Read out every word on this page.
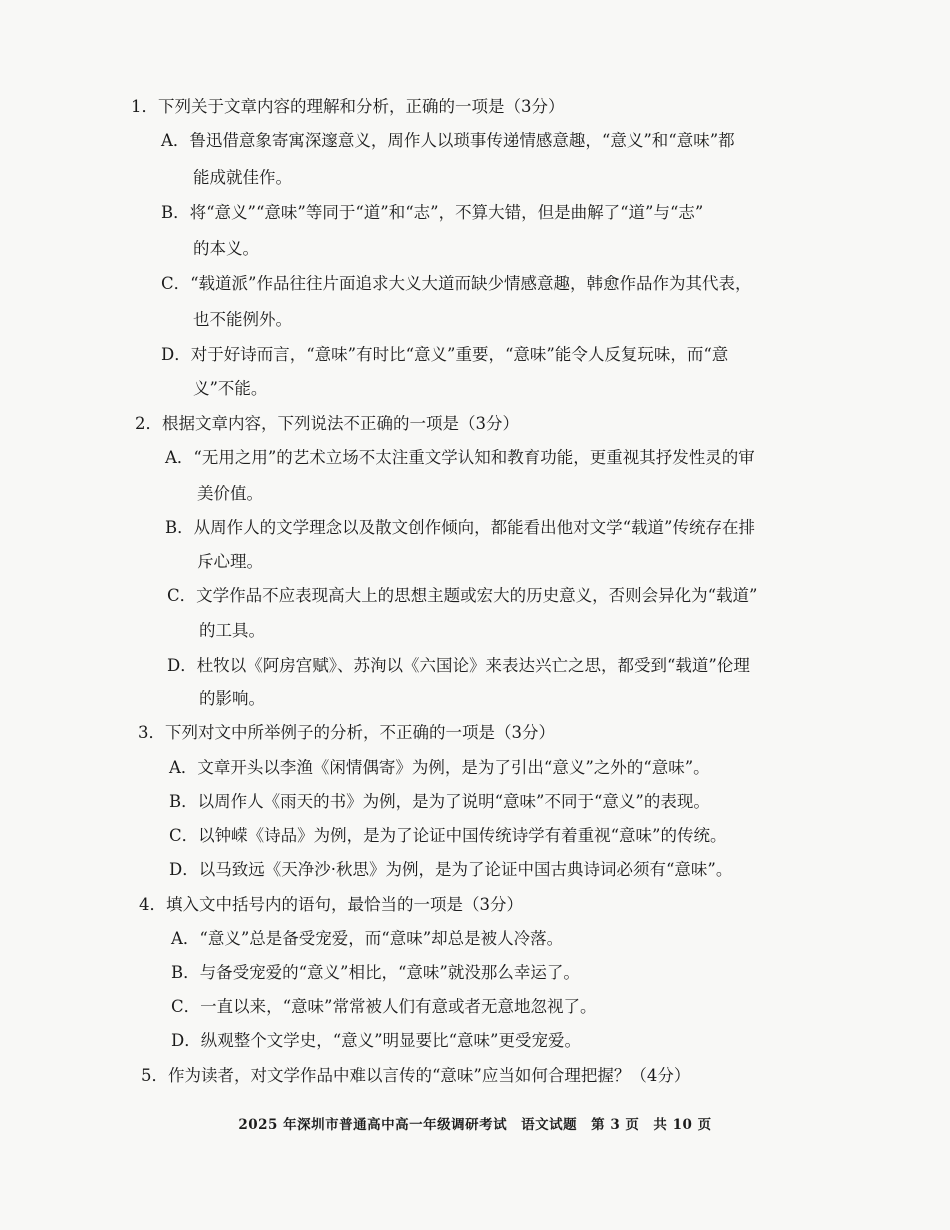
1．下列关于文章内容的理解和分析，正确的一项是（3分）
A．鲁迅借意象寄寓深邃意义，周作人以琐事传递情感意趣，“意义”和“意味”都
能成就佳作。
B．将“意义”“意味”等同于“道”和“志”，不算大错，但是曲解了“道”与“志”
的本义。
C．“载道派”作品往往片面追求大义大道而缺少情感意趣，韩愈作品作为其代表，
也不能例外。
D．对于好诗而言，“意味”有时比“意义”重要，“意味”能令人反复玩味，而“意
义”不能。
2．根据文章内容，下列说法不正确的一项是（3分）
A．“无用之用”的艺术立场不太注重文学认知和教育功能，更重视其抒发性灵的审
美价值。
B．从周作人的文学理念以及散文创作倾向，都能看出他对文学“载道”传统存在排
斥心理。
C．文学作品不应表现高大上的思想主题或宏大的历史意义，否则会异化为“载道”
的工具。
D．杜牧以《阿房宫赋》、苏洵以《六国论》来表达兴亡之思，都受到“载道”伦理
的影响。
3．下列对文中所举例子的分析，不正确的一项是（3分）
A．文章开头以李渔《闲情偶寄》为例，是为了引出“意义”之外的“意味”。
B．以周作人《雨天的书》为例，是为了说明“意味”不同于“意义”的表现。
C．以钟嵘《诗品》为例，是为了论证中国传统诗学有着重视“意味”的传统。
D．以马致远《天净沙·秋思》为例，是为了论证中国古典诗词必须有“意味”。
4．填入文中括号内的语句，最恰当的一项是（3分）
A．“意义”总是备受宠爱，而“意味”却总是被人冷落。
B．与备受宠爱的“意义”相比，“意味”就没那么幸运了。
C．一直以来，“意味”常常被人们有意或者无意地忽视了。
D．纵观整个文学史，“意义”明显要比“意味”更受宠爱。
5．作为读者，对文学作品中难以言传的“意味”应当如何合理把握？（4分）
2025 年深圳市普通高中高一年级调研考试　语文试题　第 3 页　共 10 页
